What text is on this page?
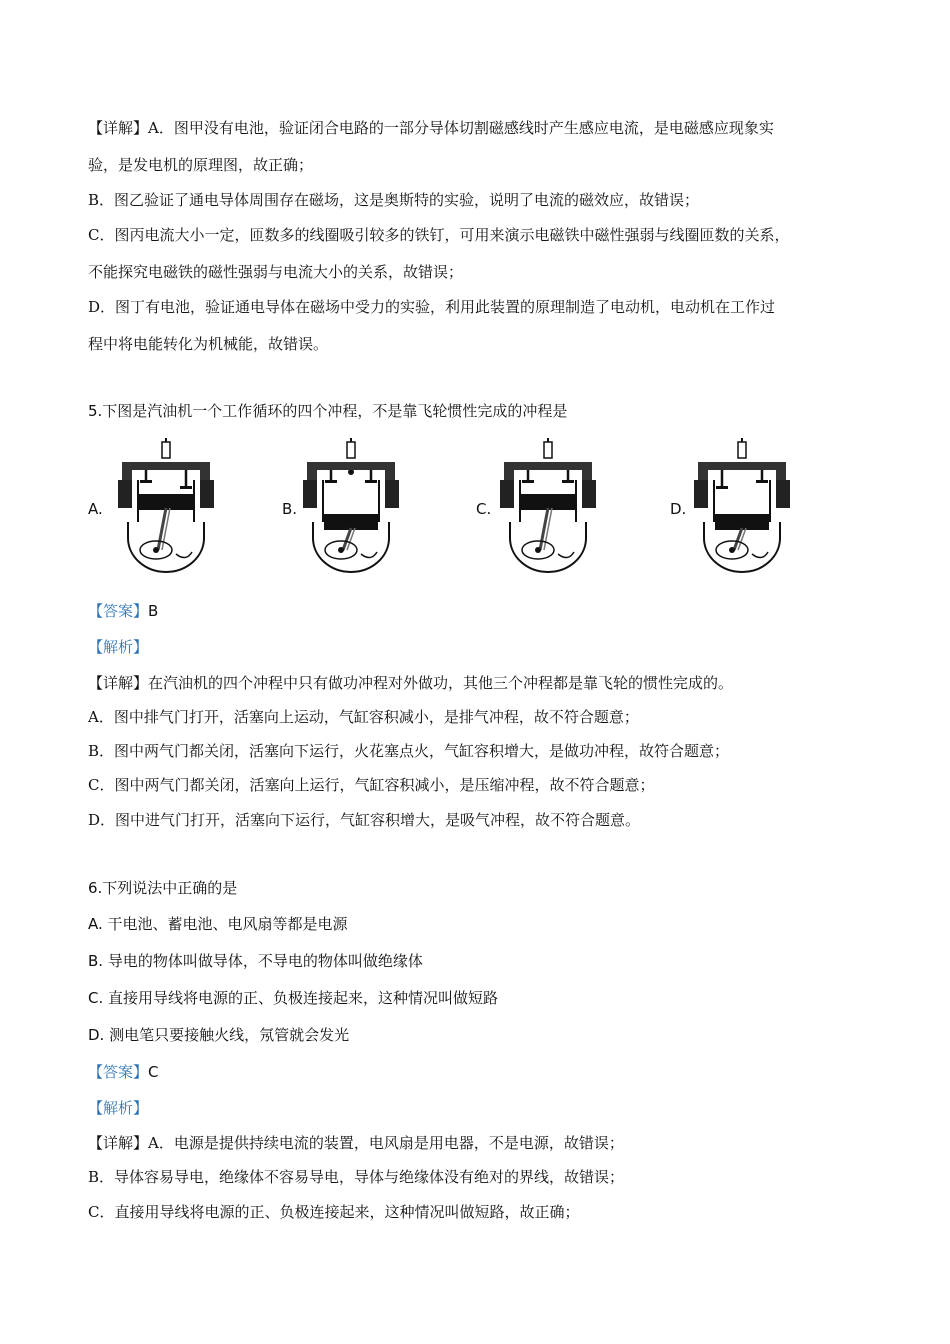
【详解】A．图甲没有电池，验证闭合电路的一部分导体切割磁感线时产生感应电流，是电磁感应现象实
验，是发电机的原理图，故正确；
B．图乙验证了通电导体周围存在磁场，这是奥斯特的实验，说明了电流的磁效应，故错误；
C．图丙电流大小一定，匝数多的线圈吸引较多的铁钉，可用来演示电磁铁中磁性强弱与线圈匝数的关系，
不能探究电磁铁的磁性强弱与电流大小的关系，故错误；
D．图丁有电池，验证通电导体在磁场中受力的实验，利用此装置的原理制造了电动机，电动机在工作过
程中将电能转化为机械能，故错误。
5.下图是汽油机一个工作循环的四个冲程，不是靠飞轮惯性完成的冲程是
A.	B.	C.	D.
【答案】B
【解析】
【详解】在汽油机的四个冲程中只有做功冲程对外做功，其他三个冲程都是靠飞轮的惯性完成的。
A．图中排气门打开，活塞向上运动，气缸容积减小，是排气冲程，故不符合题意；
B．图中两气门都关闭，活塞向下运行，火花塞点火，气缸容积增大，是做功冲程，故符合题意；
C．图中两气门都关闭，活塞向上运行，气缸容积减小，是压缩冲程，故不符合题意；
D．图中进气门打开，活塞向下运行，气缸容积增大，是吸气冲程，故不符合题意。
6.下列说法中正确的是
A. 干电池、蓄电池、电风扇等都是电源
B. 导电的物体叫做导体，不导电的物体叫做绝缘体
C. 直接用导线将电源的正、负极连接起来，这种情况叫做短路
D. 测电笔只要接触火线，氖管就会发光
【答案】C
【解析】
【详解】A．电源是提供持续电流的装置，电风扇是用电器，不是电源，故错误；
B．导体容易导电，绝缘体不容易导电，导体与绝缘体没有绝对的界线，故错误；
C．直接用导线将电源的正、负极连接起来，这种情况叫做短路，故正确；
